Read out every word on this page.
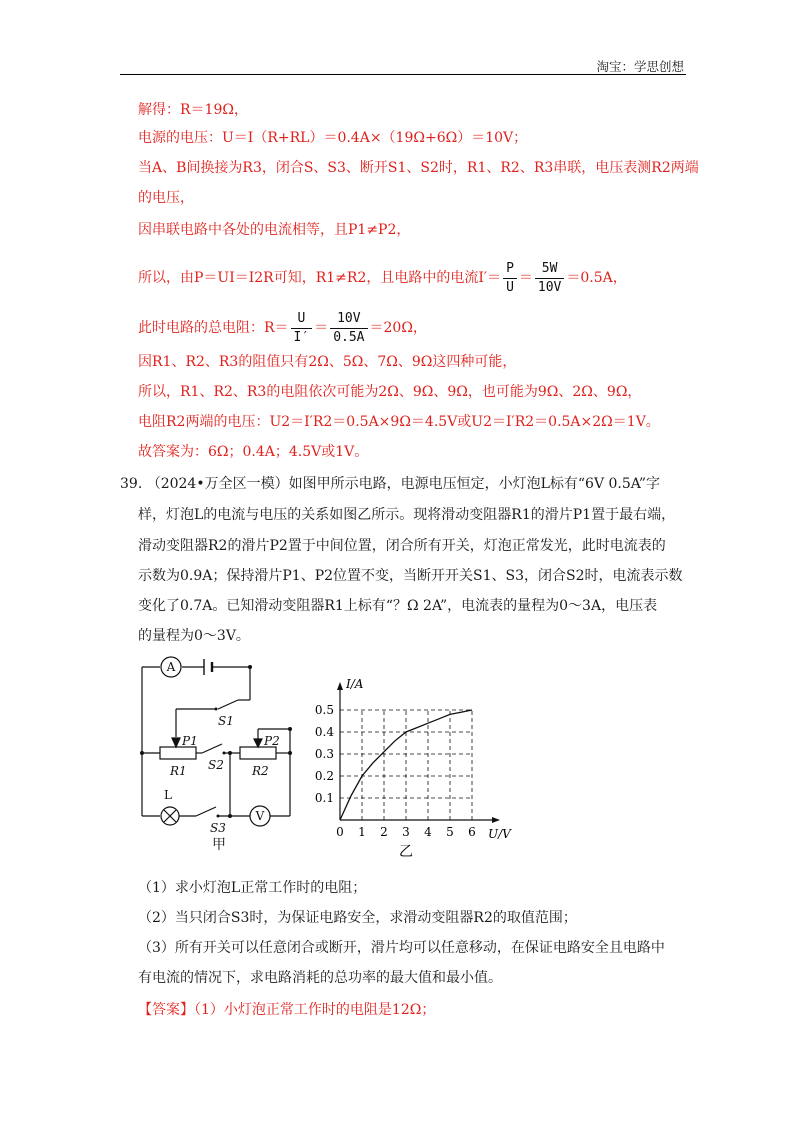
淘宝：学思创想
解得：R＝19Ω，
电源的电压：U＝I（R+RL）＝0.4A×（19Ω+6Ω）＝10V；
当A、B间换接为R3，闭合S、S3、断开S1、S2时，R1、R2、R3串联，电压表测R2两端
的电压，
因串联电路中各处的电流相等，且P1≠P2，
所以，由P＝UI＝I2R可知，R1≠R2，且电路中的电流$I'= \frac{P}{U} = \frac{5W}{10V} =0.5A$，
此时电路的总电阻：$R= \frac{U}{I'} = \frac{10V}{0.5A} =20\Omega$，
因R1、R2、R3的阻值只有2Ω、5Ω、7Ω、9Ω这四种可能，
所以，R1、R2、R3的电阻依次可能为2Ω、9Ω、9Ω，也可能为9Ω、2Ω、9Ω，
电阻R2两端的电压：U2＝I′R2＝0.5A×9Ω＝4.5V或U2＝I′R2＝0.5A×2Ω＝1V。
故答案为：6Ω；0.4A；4.5V或1V。
39. （2024•万全区一模）如图甲所示电路，电源电压恒定，小灯泡L标有“6V 0.5A”字
样，灯泡L的电流与电压的关系如图乙所示。现将滑动变阻器R1的滑片P1置于最右端，
滑动变阻器R2的滑片P2置于中间位置，闭合所有开关，灯泡正常发光，此时电流表的
示数为0.9A；保持滑片P1、P2位置不变，当断开开关S1、S3，闭合S2时，电流表示数
变化了0.7A。已知滑动变阻器R1上标有“？Ω 2A”，电流表的量程为0～3A，电压表
的量程为0～3V。
A
V
L
S1
S2
S3
P1	P2
R1	R2
甲
0 1 2 3 4 5 6
0.1
0.2
0.3
0.4
0.5
I/A
U/V
乙
（1）求小灯泡L正常工作时的电阻；
（2）当只闭合S3时，为保证电路安全，求滑动变阻器R2的取值范围；
（3）所有开关可以任意闭合或断开，滑片均可以任意移动，在保证电路安全且电路中
有电流的情况下，求电路消耗的总功率的最大值和最小值。
【答案】（1）小灯泡正常工作时的电阻是12Ω；
